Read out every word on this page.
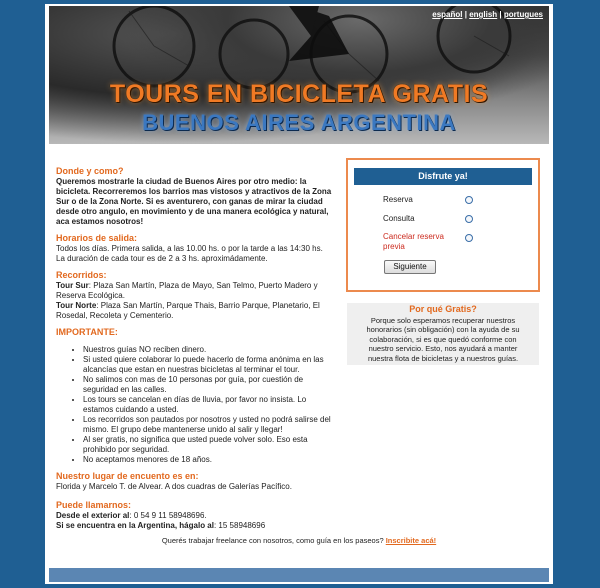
español | english | portugues
TOURS EN BICICLETA GRATIS
BUENOS AIRES ARGENTINA
Donde y como?

Queremos mostrarle la ciudad de Buenos Aires por otro medio: la bicicleta. Recorreremos los barrios mas vistosos y atractivos de la Zona Sur o de la Zona Norte. Si es aventurero, con ganas de mirar la ciudad desde otro angulo, en movimiento y de una manera ecológica y natural, aca estamos nosotros!

Horarios de salida:

Todos los días. Primera salida, a las 10.00 hs. o por la tarde a las 14:30 hs.

La duración de cada tour es de 2 a 3 hs. aproximádamente.

Recorridos:

Tour Sur: Plaza San Martín, Plaza de Mayo, San Telmo, Puerto Madero y Reserva Ecológica.

Tour Norte: Plaza San Martín, Parque Thais, Barrio Parque, Planetario, El Rosedal, Recoleta y Cementerio.

IMPORTANTE:
• Nuestros guías NO reciben dinero.
• Si usted quiere colaborar lo puede hacerlo de forma anónima en las alcancías que estan en nuestras bicicletas al terminar el tour.
• No salimos con mas de 10 personas por guía, por cuestión de seguridad en las calles.
• Los tours se cancelan en días de lluvia, por favor no insista. Lo estamos cuidando a usted.
• Los recorridos son pautados por nosotros y usted no podrá salirse del mismo. El grupo debe mantenerse unido al salir y llegar!
• Al ser gratis, no significa que usted puede volver solo. Eso esta prohibido por seguridad.
• No aceptamos menores de 18 años.
Nuestro lugar de encuento es en:

Florida y Marcelo T. de Alvear. A dos cuadras de Galerías Pacífico.

Puede llamarnos:

Desde el exterior al: 0 54 9 11 58948696.

Si se encuentra en la Argentina, hágalo al: 15 58948696

Disfrute ya!
Reserva
Consulta
Cancelar reserva previa
Siguiente
Por qué Gratis?

Porque solo esperamos recuperar nuestros honorarios (sin obligación) con la ayuda de su colaboración, si es que quedó conforme con nuestro servicio. Esto, nos ayudará a manter nuestra flota de bicicletas y a nuestros guías.

Querés trabajar freelance con nosotros, como guía en los paseos? Inscribite acá!
